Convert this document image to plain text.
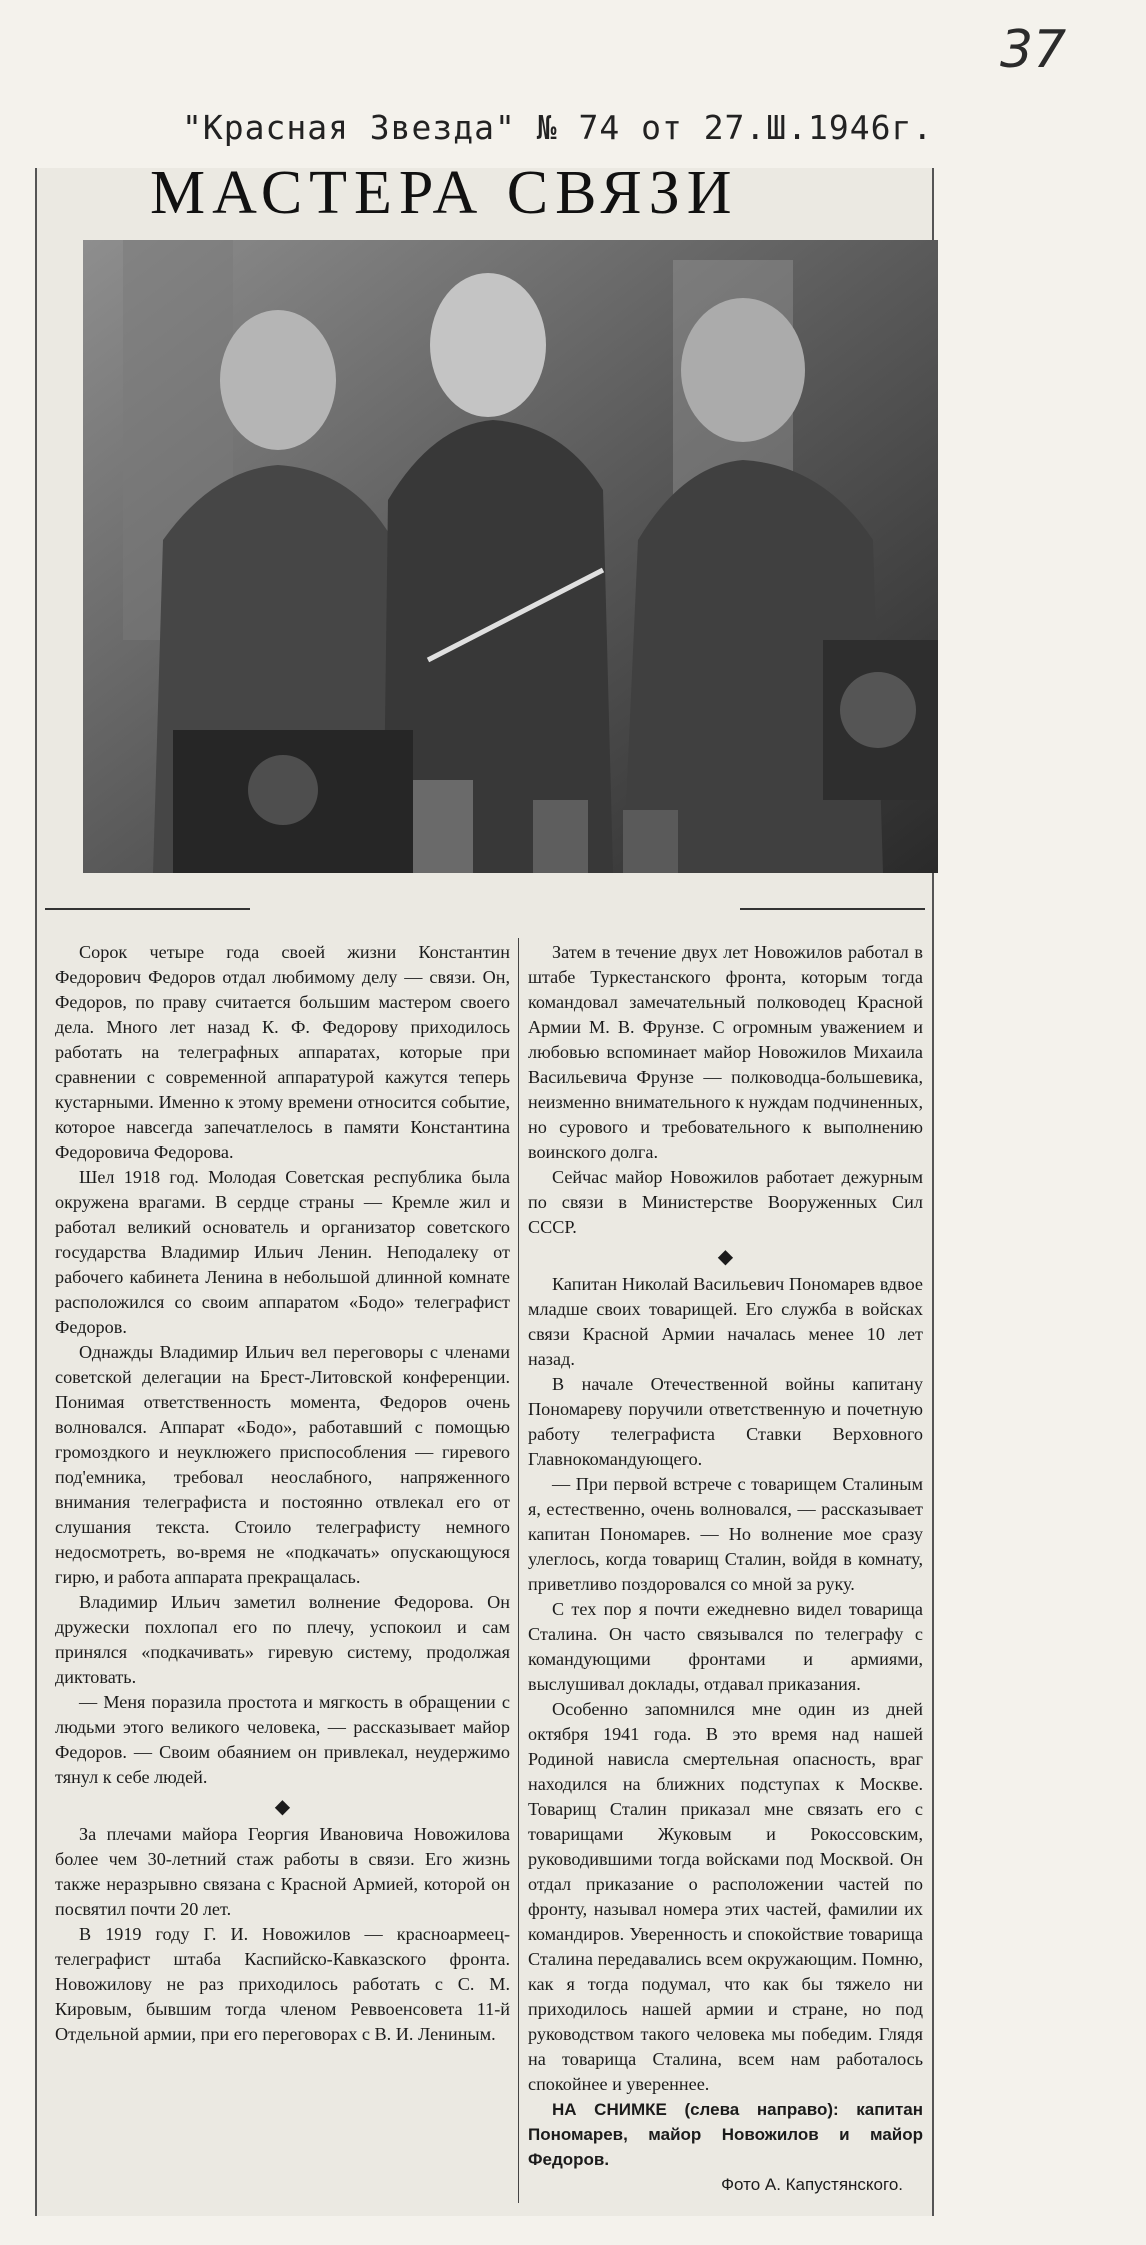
37
"Красная Звезда" № 74 от 27.Ш.1946г.
МАСТЕРА СВЯЗИ

Сорок четыре года своей жизни Константин Федорович Федоров отдал любимому делу — связи. Он, Федоров, по праву считается большим мастером своего дела. Много лет назад К. Ф. Федорову приходилось работать на телеграфных аппаратах, которые при сравнении с современной аппаратурой кажутся теперь кустарными. Именно к этому времени относится событие, которое навсегда запечатлелось в памяти Константина Федоровича Федорова.

Шел 1918 год. Молодая Советская республика была окружена врагами. В сердце страны — Кремле жил и работал великий основатель и организатор советского государства Владимир Ильич Ленин. Неподалеку от рабочего кабинета Ленина в небольшой длинной комнате расположился со своим аппаратом «Бодо» телеграфист Федоров.

Однажды Владимир Ильич вел переговоры с членами советской делегации на Брест-Литовской конференции. Понимая ответственность момента, Федоров очень волновался. Аппарат «Бодо», работавший с помощью громоздкого и неуклюжего приспособления — гиревого под'емника, требовал неослабного, напряженного внимания телеграфиста и постоянно отвлекал его от слушания текста. Стоило телеграфисту немного недосмотреть, во-время не «подкачать» опускающуюся гирю, и работа аппарата прекращалась.

Владимир Ильич заметил волнение Федорова. Он дружески похлопал его по плечу, успокоил и сам принялся «подкачивать» гиревую систему, продолжая диктовать.

— Меня поразила простота и мягкость в обращении с людьми этого великого человека, — рассказывает майор Федоров. — Своим обаянием он привлекал, неудержимо тянул к себе людей.

◆

За плечами майора Георгия Ивановича Новожилова более чем 30-летний стаж работы в связи. Его жизнь также неразрывно связана с Красной Армией, которой он посвятил почти 20 лет.

В 1919 году Г. И. Новожилов — красноармеец-телеграфист штаба Каспийско-Кавказского фронта. Новожилову не раз приходилось работать с С. М. Кировым, бывшим тогда членом Реввоенсовета 11-й Отдельной армии, при его переговорах с В. И. Лениным.

Затем в течение двух лет Новожилов работал в штабе Туркестанского фронта, которым тогда командовал замечательный полководец Красной Армии М. В. Фрунзе. С огромным уважением и любовью вспоминает майор Новожилов Михаила Васильевича Фрунзе — полководца-большевика, неизменно внимательного к нуждам подчиненных, но сурового и требовательного к выполнению воинского долга.

Сейчас майор Новожилов работает дежурным по связи в Министерстве Вооруженных Сил СССР.

◆

Капитан Николай Васильевич Пономарев вдвое младше своих товарищей. Его служба в войсках связи Красной Армии началась менее 10 лет назад.

В начале Отечественной войны капитану Пономареву поручили ответственную и почетную работу телеграфиста Ставки Верховного Главнокомандующего.

— При первой встрече с товарищем Сталиным я, естественно, очень волновался, — рассказывает капитан Пономарев. — Но волнение мое сразу улеглось, когда товарищ Сталин, войдя в комнату, приветливо поздоровался со мной за руку.

С тех пор я почти ежедневно видел товарища Сталина. Он часто связывался по телеграфу с командующими фронтами и армиями, выслушивал доклады, отдавал приказания.

Особенно запомнился мне один из дней октября 1941 года. В это время над нашей Родиной нависла смертельная опасность, враг находился на ближних подступах к Москве. Товарищ Сталин приказал мне связать его с товарищами Жуковым и Рокоссовским, руководившими тогда войсками под Москвой. Он отдал приказание о расположении частей по фронту, называл номера этих частей, фамилии их командиров. Уверенность и спокойствие товарища Сталина передавались всем окружающим. Помню, как я тогда подумал, что как бы тяжело ни приходилось нашей армии и стране, но под руководством такого человека мы победим. Глядя на товарища Сталина, всем нам работалось спокойнее и увереннее.

НА СНИМКЕ (слева направо): капитан Пономарев, майор Новожилов и майор Федоров.

Фото А. Капустянского.
